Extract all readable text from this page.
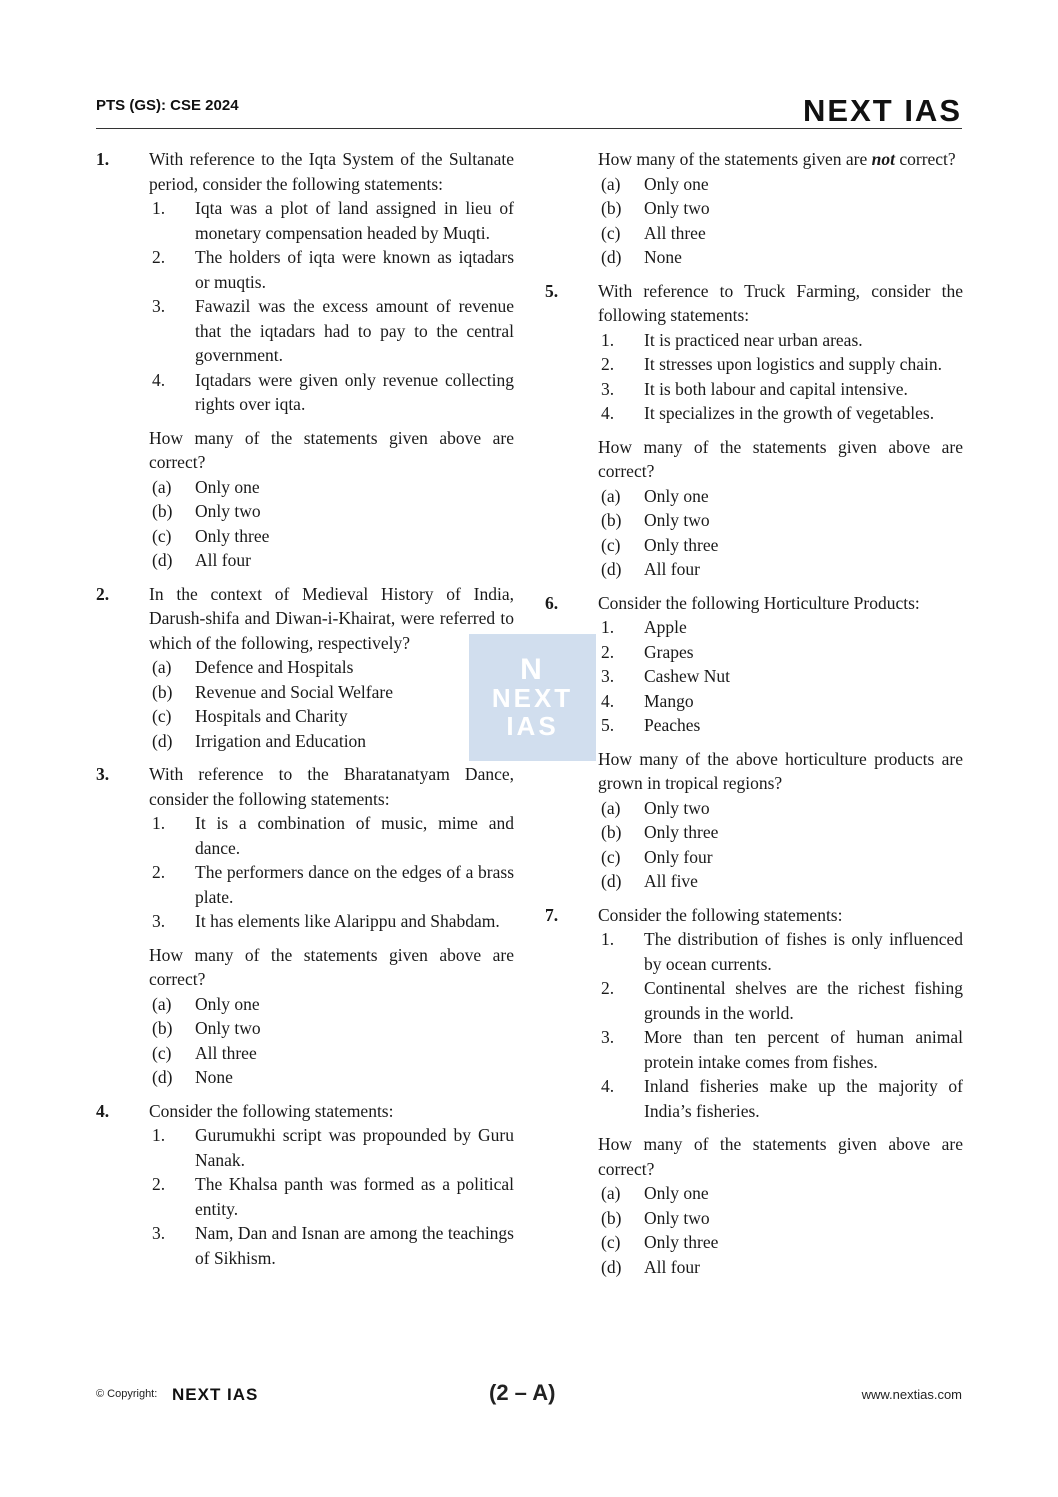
PTS (GS): CSE 2024	NEXT IAS
N
NEXT
IAS
1. With reference to the Iqta System of the Sultanate period, consider the following statements:
1. Iqta was a plot of land assigned in lieu of monetary compensation headed by Muqti.
2. The holders of iqta were known as iqtadars or muqtis.
3. Fawazil was the excess amount of revenue that the iqtadars had to pay to the central government.
4. Iqtadars were given only revenue collecting rights over iqta.
How many of the statements given above are correct?
(a) Only one
(b) Only two
(c) Only three
(d) All four
2. In the context of Medieval History of India, Darush-shifa and Diwan-i-Khairat, were referred to which of the following, respectively?
(a) Defence and Hospitals
(b) Revenue and Social Welfare
(c) Hospitals and Charity
(d) Irrigation and Education
3. With reference to the Bharatanatyam Dance, consider the following statements:
1. It is a combination of music, mime and dance.
2. The performers dance on the edges of a brass plate.
3. It has elements like Alarippu and Shabdam.
How many of the statements given above are correct?
(a) Only one
(b) Only two
(c) All three
(d) None
4. Consider the following statements:
1. Gurumukhi script was propounded by Guru Nanak.
2. The Khalsa panth was formed as a political entity.
3. Nam, Dan and Isnan are among the teachings of Sikhism.
How many of the statements given are not correct?
(a) Only one
(b) Only two
(c) All three
(d) None
5. With reference to Truck Farming, consider the following statements:
1. It is practiced near urban areas.
2. It stresses upon logistics and supply chain.
3. It is both labour and capital intensive.
4. It specializes in the growth of vegetables.
How many of the statements given above are correct?
(a) Only one
(b) Only two
(c) Only three
(d) All four
6. Consider the following Horticulture Products:
1. Apple
2. Grapes
3. Cashew Nut
4. Mango
5. Peaches
How many of the above horticulture products are grown in tropical regions?
(a) Only two
(b) Only three
(c) Only four
(d) All five
7. Consider the following statements:
1. The distribution of fishes is only influenced by ocean currents.
2. Continental shelves are the richest fishing grounds in the world.
3. More than ten percent of human animal protein intake comes from fishes.
4. Inland fisheries make up the majority of India’s fisheries.
How many of the statements given above are correct?
(a) Only one
(b) Only two
(c) Only three
(d) All four
© Copyright: NEXT IAS	(2 – A)	www.nextias.com
